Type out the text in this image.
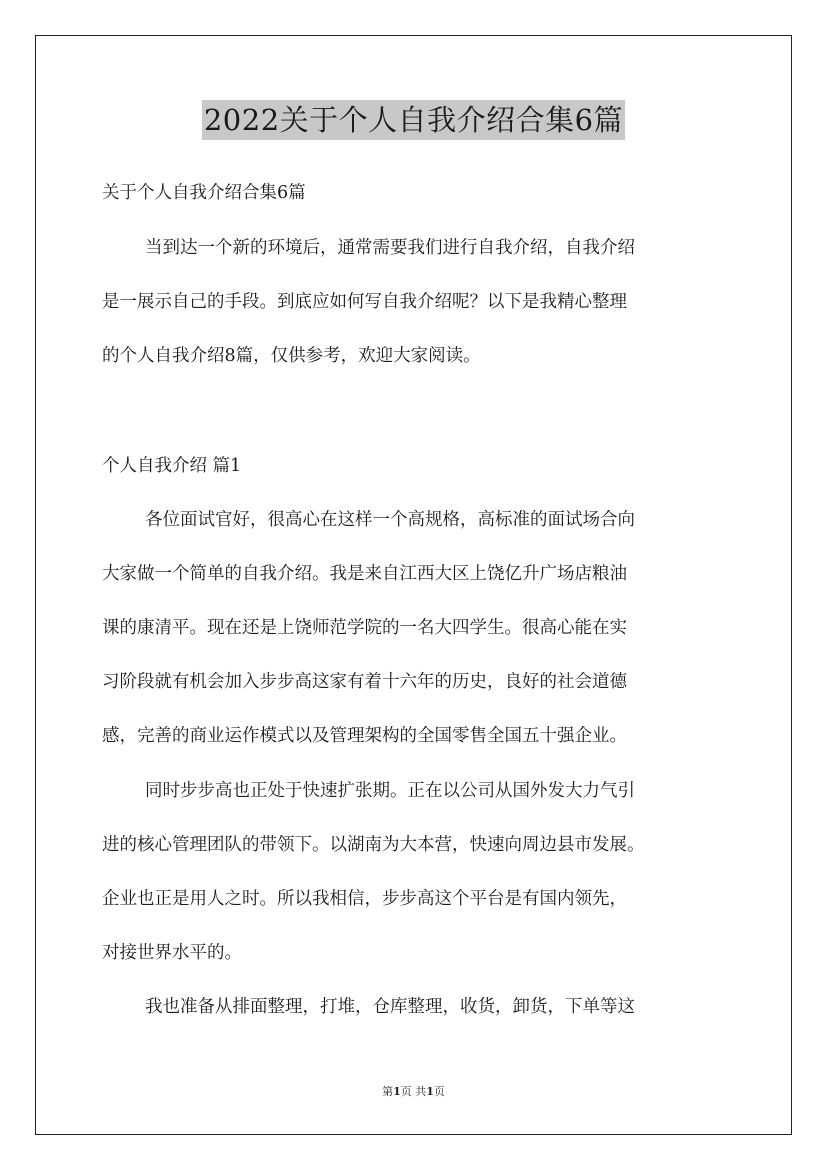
2022关于个人自我介绍合集6篇
关于个人自我介绍合集6篇
当到达一个新的环境后，通常需要我们进行自我介绍，自我介绍
是一展示自己的手段。到底应如何写自我介绍呢？以下是我精心整理
的个人自我介绍8篇，仅供参考，欢迎大家阅读。
个人自我介绍 篇1
各位面试官好，很高心在这样一个高规格，高标准的面试场合向
大家做一个简单的自我介绍。我是来自江西大区上饶亿升广场店粮油
课的康清平。现在还是上饶师范学院的一名大四学生。很高心能在实
习阶段就有机会加入步步高这家有着十六年的历史，良好的社会道德
感，完善的商业运作模式以及管理架构的全国零售全国五十强企业。
同时步步高也正处于快速扩张期。正在以公司从国外发大力气引
进的核心管理团队的带领下。以湖南为大本营，快速向周边县市发展。
企业也正是用人之时。所以我相信，步步高这个平台是有国内领先，
对接世界水平的。
我也准备从排面整理，打堆，仓库整理，收货，卸货，下单等这
第1页 共1页
